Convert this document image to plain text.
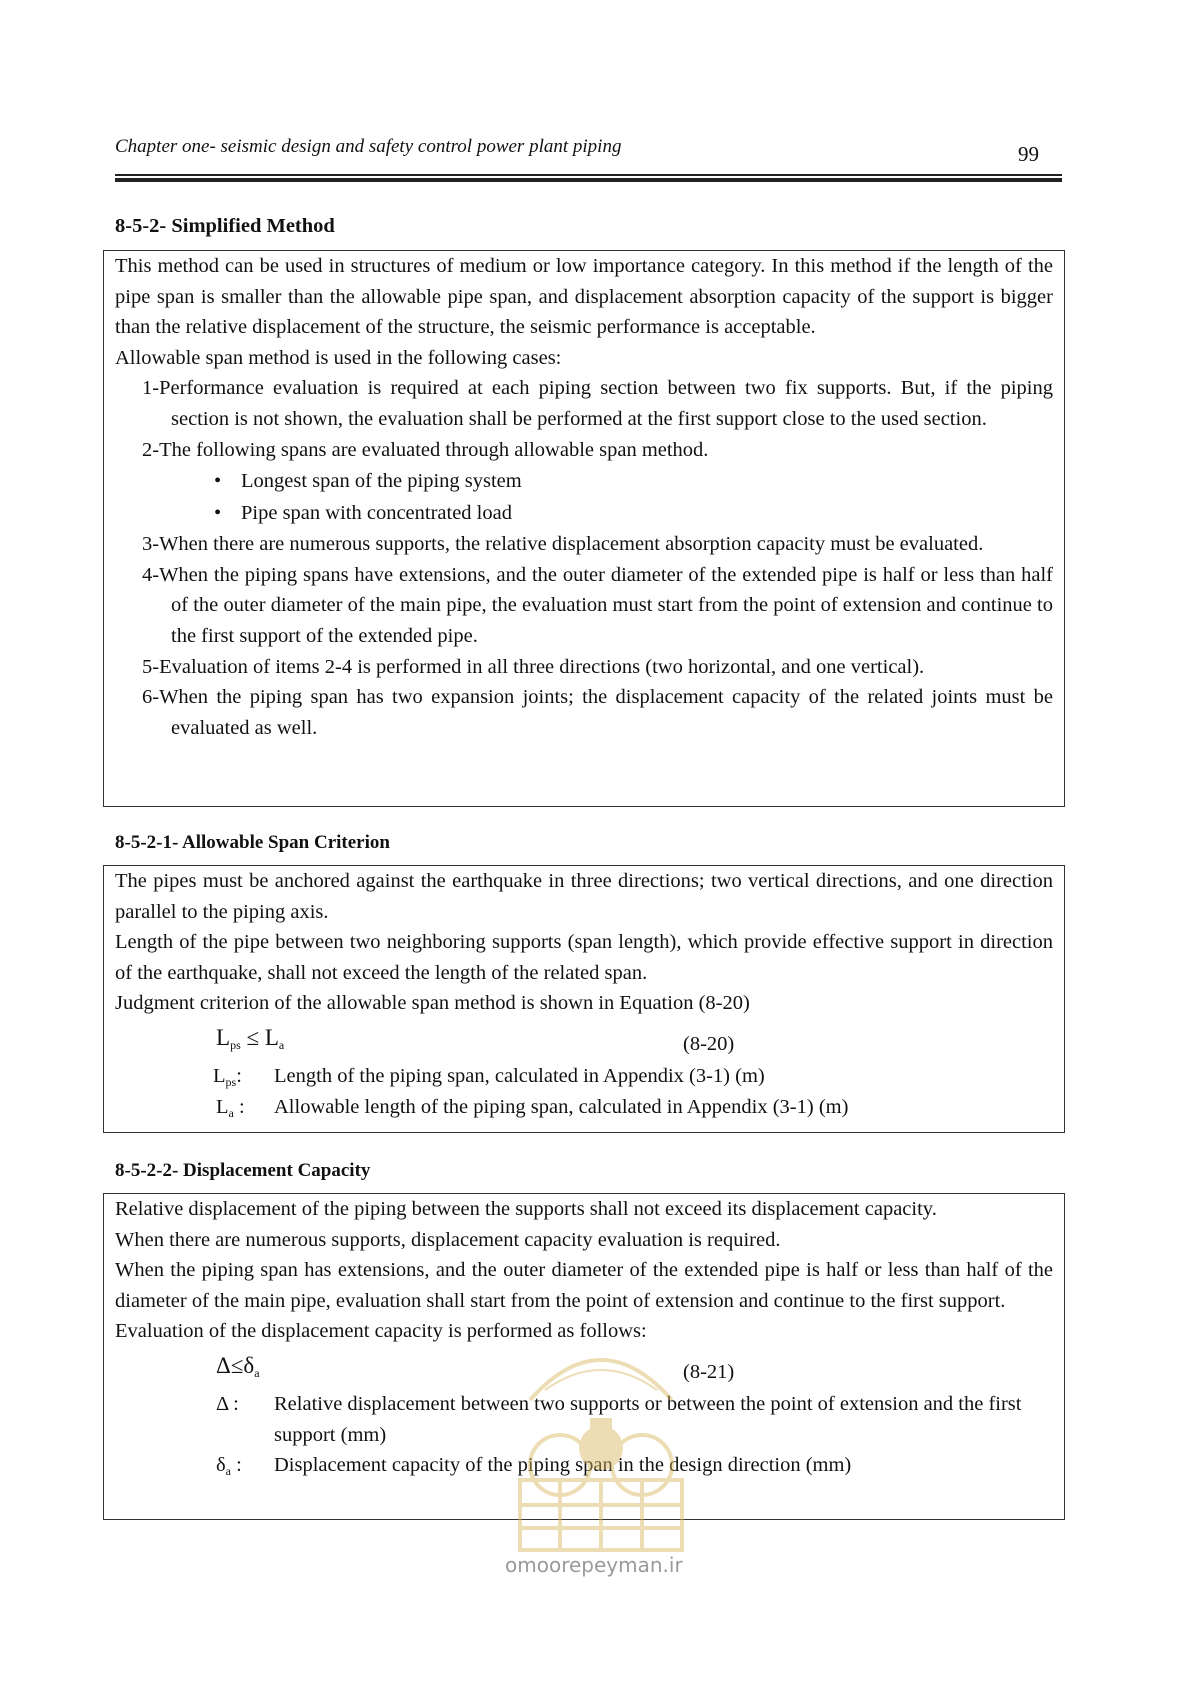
Chapter one- seismic design and safety control power plant piping	99
8-5-2- Simplified Method

This method can be used in structures of medium or low importance category. In this method if the length of the pipe span is smaller than the allowable pipe span, and displacement absorption capacity of the support is bigger than the relative displacement of the structure, the seismic performance is acceptable.

Allowable span method is used in the following cases:

1-Performance evaluation is required at each piping section between two fix supports. But, if the piping section is not shown, the evaluation shall be performed at the first support close to the used section.

2-The following spans are evaluated through allowable span method.

• Longest span of the piping system
• Pipe span with concentrated load

3-When there are numerous supports, the relative displacement absorption capacity must be evaluated.

4-When the piping spans have extensions, and the outer diameter of the extended pipe is half or less than half of the outer diameter of the main pipe, the evaluation must start from the point of extension and continue to the first support of the extended pipe.

5-Evaluation of items 2-4 is performed in all three directions (two horizontal, and one vertical).

6-When the piping span has two expansion joints; the displacement capacity of the related joints must be evaluated as well.

8-5-2-1- Allowable Span Criterion

The pipes must be anchored against the earthquake in three directions; two vertical directions, and one direction parallel to the piping axis.

Length of the pipe between two neighboring supports (span length), which provide effective support in direction of the earthquake, shall not exceed the length of the related span.

Judgment criterion of the allowable span method is shown in Equation (8-20)

$L_{ps} \le L_a$	(8-20)
$L_{ps}$: Length of the piping span, calculated in Appendix (3-1) (m)
$L_a$ : Allowable length of the piping span, calculated in Appendix (3-1) (m)
8-5-2-2- Displacement Capacity

Relative displacement of the piping between the supports shall not exceed its displacement capacity.

When there are numerous supports, displacement capacity evaluation is required.

When the piping span has extensions, and the outer diameter of the extended pipe is half or less than half of the diameter of the main pipe, evaluation shall start from the point of extension and continue to the first support.

Evaluation of the displacement capacity is performed as follows:

$\Delta\le\delta_a$	(8-21)
Δ : Relative displacement between two supports or between the point of extension and the first support (mm)
$\delta_a$ : Displacement capacity of the piping span in the design direction (mm)
omoorepeyman.ir
